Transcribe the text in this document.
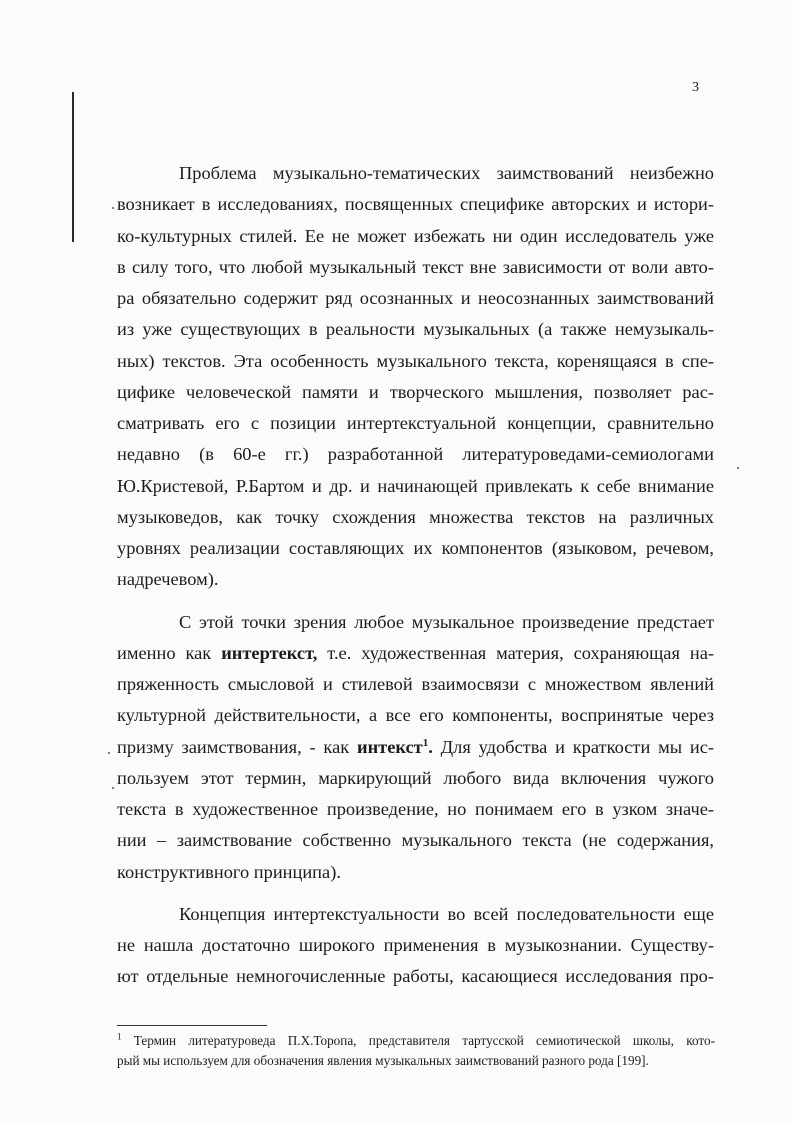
3

Проблема музыкально-тематических заимствований неизбежно
возникает в исследованиях, посвященных специфике авторских и истори-
ко-культурных стилей. Ее не может избежать ни один исследователь уже
в силу того, что любой музыкальный текст вне зависимости от воли авто-
ра обязательно содержит ряд осознанных и неосознанных заимствований
из уже существующих в реальности музыкальных (а также немузыкаль-
ных) текстов. Эта особенность музыкального текста, коренящаяся в спе-
цифике человеческой памяти и творческого мышления, позволяет рас-
сматривать его с позиции интертекстуальной концепции, сравнительно
недавно (в 60-е гг.) разработанной литературоведами-семиологами
Ю.Кристевой, Р.Бартом и др. и начинающей привлекать к себе внимание
музыковедов, как точку схождения множества текстов на различных
уровнях реализации составляющих их компонентов (языковом, речевом,
надречевом).

С этой точки зрения любое музыкальное произведение предстает
именно как интертекст, т.е. художественная материя, сохраняющая на-
пряженность смысловой и стилевой взаимосвязи с множеством явлений
культурной действительности, а все его компоненты, воспринятые через
призму заимствования, - как интекст$^1$. Для удобства и краткости мы ис-
пользуем этот термин, маркирующий любого вида включения чужого
текста в художественное произведение, но понимаем его в узком значе-
нии – заимствование собственно музыкального текста (не содержания,
конструктивного принципа).

Концепция интертекстуальности во всей последовательности еще
не нашла достаточно широкого применения в музыкознании. Существу-
ют отдельные немногочисленные работы, касающиеся исследования про-

$^1$ Термин литературоведа П.Х.Торопа, представителя тартусской семиотической школы, кото-
рый мы используем для обозначения явления музыкальных заимствований разного рода [199].
